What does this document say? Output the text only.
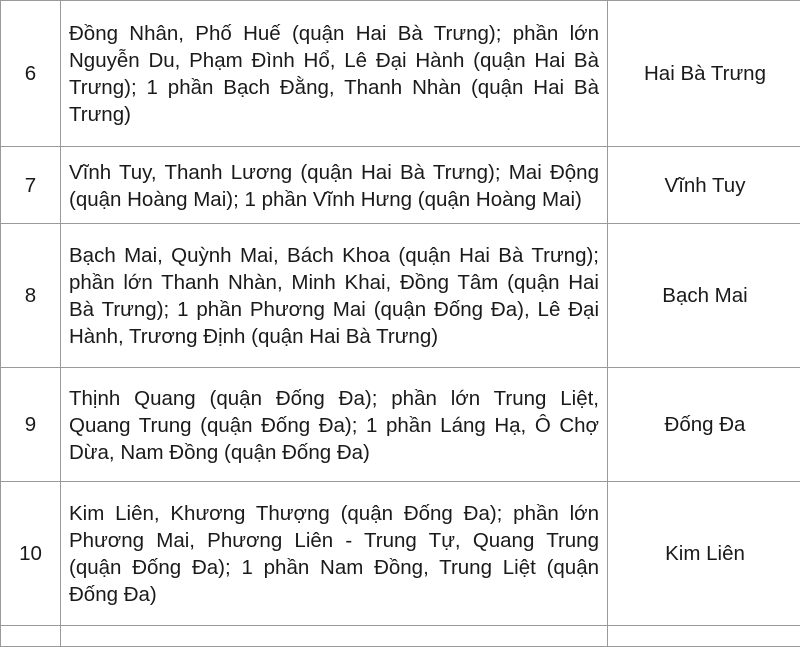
6	Đồng Nhân, Phố Huế (quận Hai Bà Trưng); phần lớn Nguyễn Du, Phạm Đình Hổ, Lê Đại Hành (quận Hai Bà Trưng); 1 phần Bạch Đằng, Thanh Nhàn (quận Hai Bà Trưng)	Hai Bà Trưng
7	Vĩnh Tuy, Thanh Lương (quận Hai Bà Trưng); Mai Động (quận Hoàng Mai); 1 phần Vĩnh Hưng (quận Hoàng Mai)	Vĩnh Tuy
8	Bạch Mai, Quỳnh Mai, Bách Khoa (quận Hai Bà Trưng); phần lớn Thanh Nhàn, Minh Khai, Đồng Tâm (quận Hai Bà Trưng); 1 phần Phương Mai (quận Đống Đa), Lê Đại Hành, Trương Định (quận Hai Bà Trưng)	Bạch Mai
9	Thịnh Quang (quận Đống Đa); phần lớn Trung Liệt, Quang Trung (quận Đống Đa); 1 phần Láng Hạ, Ô Chợ Dừa, Nam Đồng (quận Đống Đa)	Đống Đa
10	Kim Liên, Khương Thượng (quận Đống Đa); phần lớn Phương Mai, Phương Liên - Trung Tự, Quang Trung (quận Đống Đa); 1 phần Nam Đồng, Trung Liệt (quận Đống Đa)	Kim Liên
